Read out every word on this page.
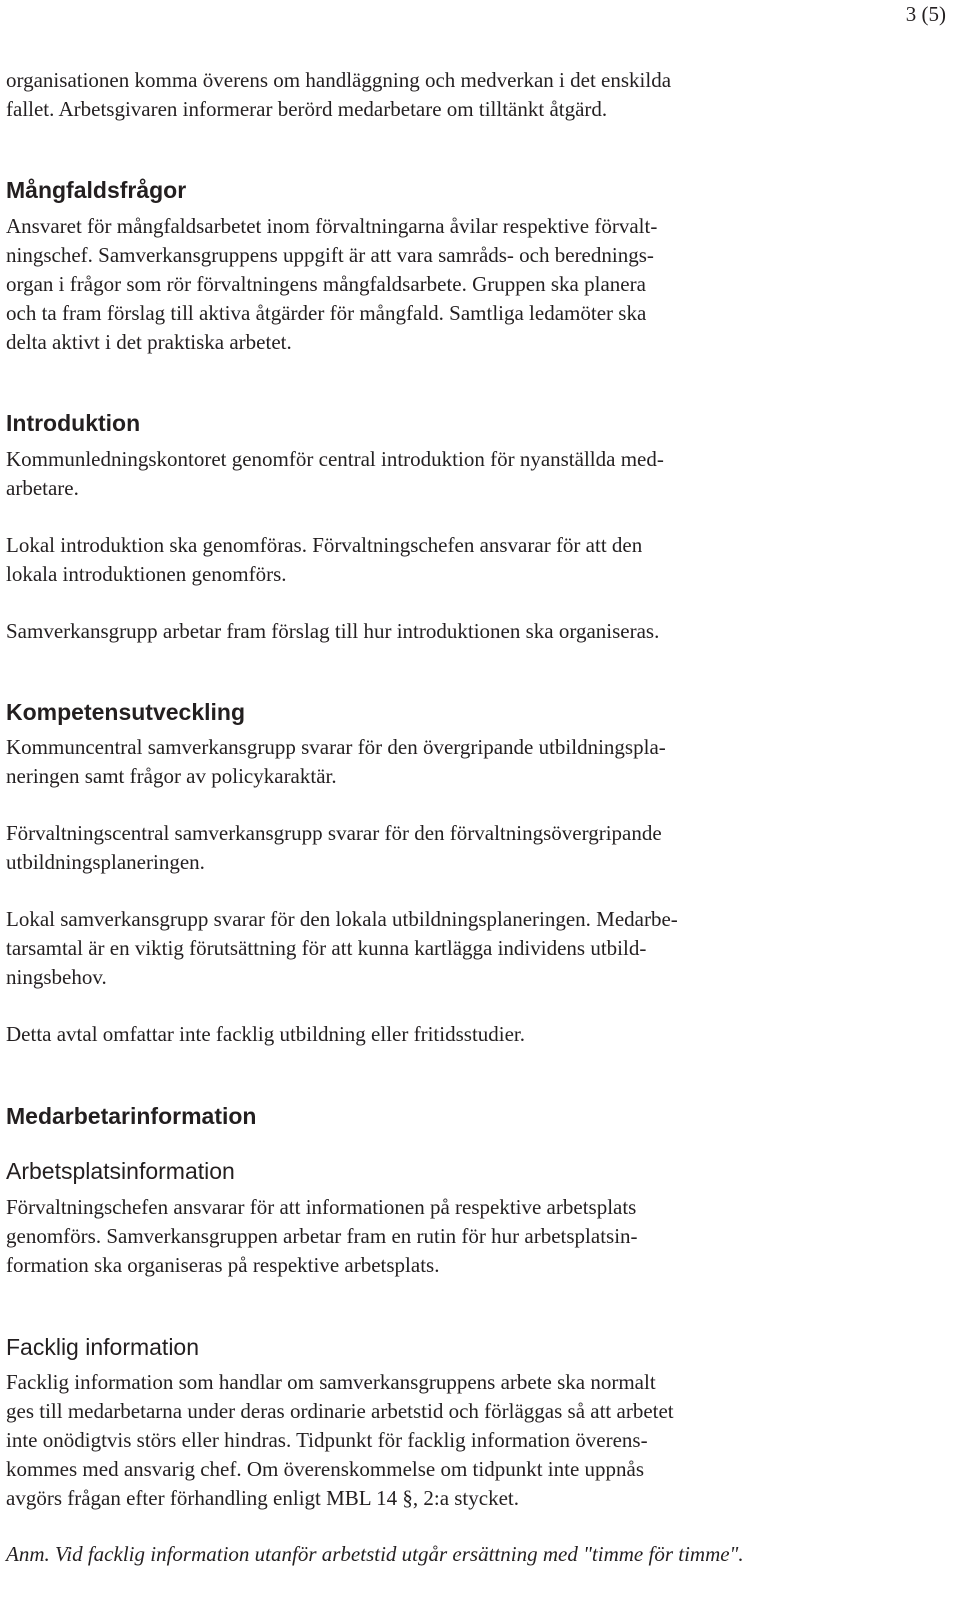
3 (5)

organisationen komma överens om handläggning och medverkan i det enskilda
fallet. Arbetsgivaren informerar berörd medarbetare om tilltänkt åtgärd.

Mångfaldsfrågor

Ansvaret för mångfaldsarbetet inom förvaltningarna åvilar respektive förvalt-
ningschef. Samverkansgruppens uppgift är att vara samråds- och berednings-
organ i frågor som rör förvaltningens mångfaldsarbete. Gruppen ska planera
och ta fram förslag till aktiva åtgärder för mångfald. Samtliga ledamöter ska
delta aktivt i det praktiska arbetet.

Introduktion

Kommunledningskontoret genomför central introduktion för nyanställda med-
arbetare.

Lokal introduktion ska genomföras. Förvaltningschefen ansvarar för att den
lokala introduktionen genomförs.

Samverkansgrupp arbetar fram förslag till hur introduktionen ska organiseras.

Kompetensutveckling

Kommuncentral samverkansgrupp svarar för den övergripande utbildningspla-
neringen samt frågor av policykaraktär.

Förvaltningscentral samverkansgrupp svarar för den förvaltningsövergripande
utbildningsplaneringen.

Lokal samverkansgrupp svarar för den lokala utbildningsplaneringen. Medarbe-
tarsamtal är en viktig förutsättning för att kunna kartlägga individens utbild-
ningsbehov.

Detta avtal omfattar inte facklig utbildning eller fritidsstudier.

Medarbetarinformation
Arbetsplatsinformation

Förvaltningschefen ansvarar för att informationen på respektive arbetsplats
genomförs. Samverkansgruppen arbetar fram en rutin för hur arbetsplatsin-
formation ska organiseras på respektive arbetsplats.

Facklig information

Facklig information som handlar om samverkansgruppens arbete ska normalt
ges till medarbetarna under deras ordinarie arbetstid och förläggas så att arbetet
inte onödigtvis störs eller hindras. Tidpunkt för facklig information överens-
kommes med ansvarig chef. Om överenskommelse om tidpunkt inte uppnås
avgörs frågan efter förhandling enligt MBL 14 §, 2:a stycket.

Anm. Vid facklig information utanför arbetstid utgår ersättning med "timme för timme".
